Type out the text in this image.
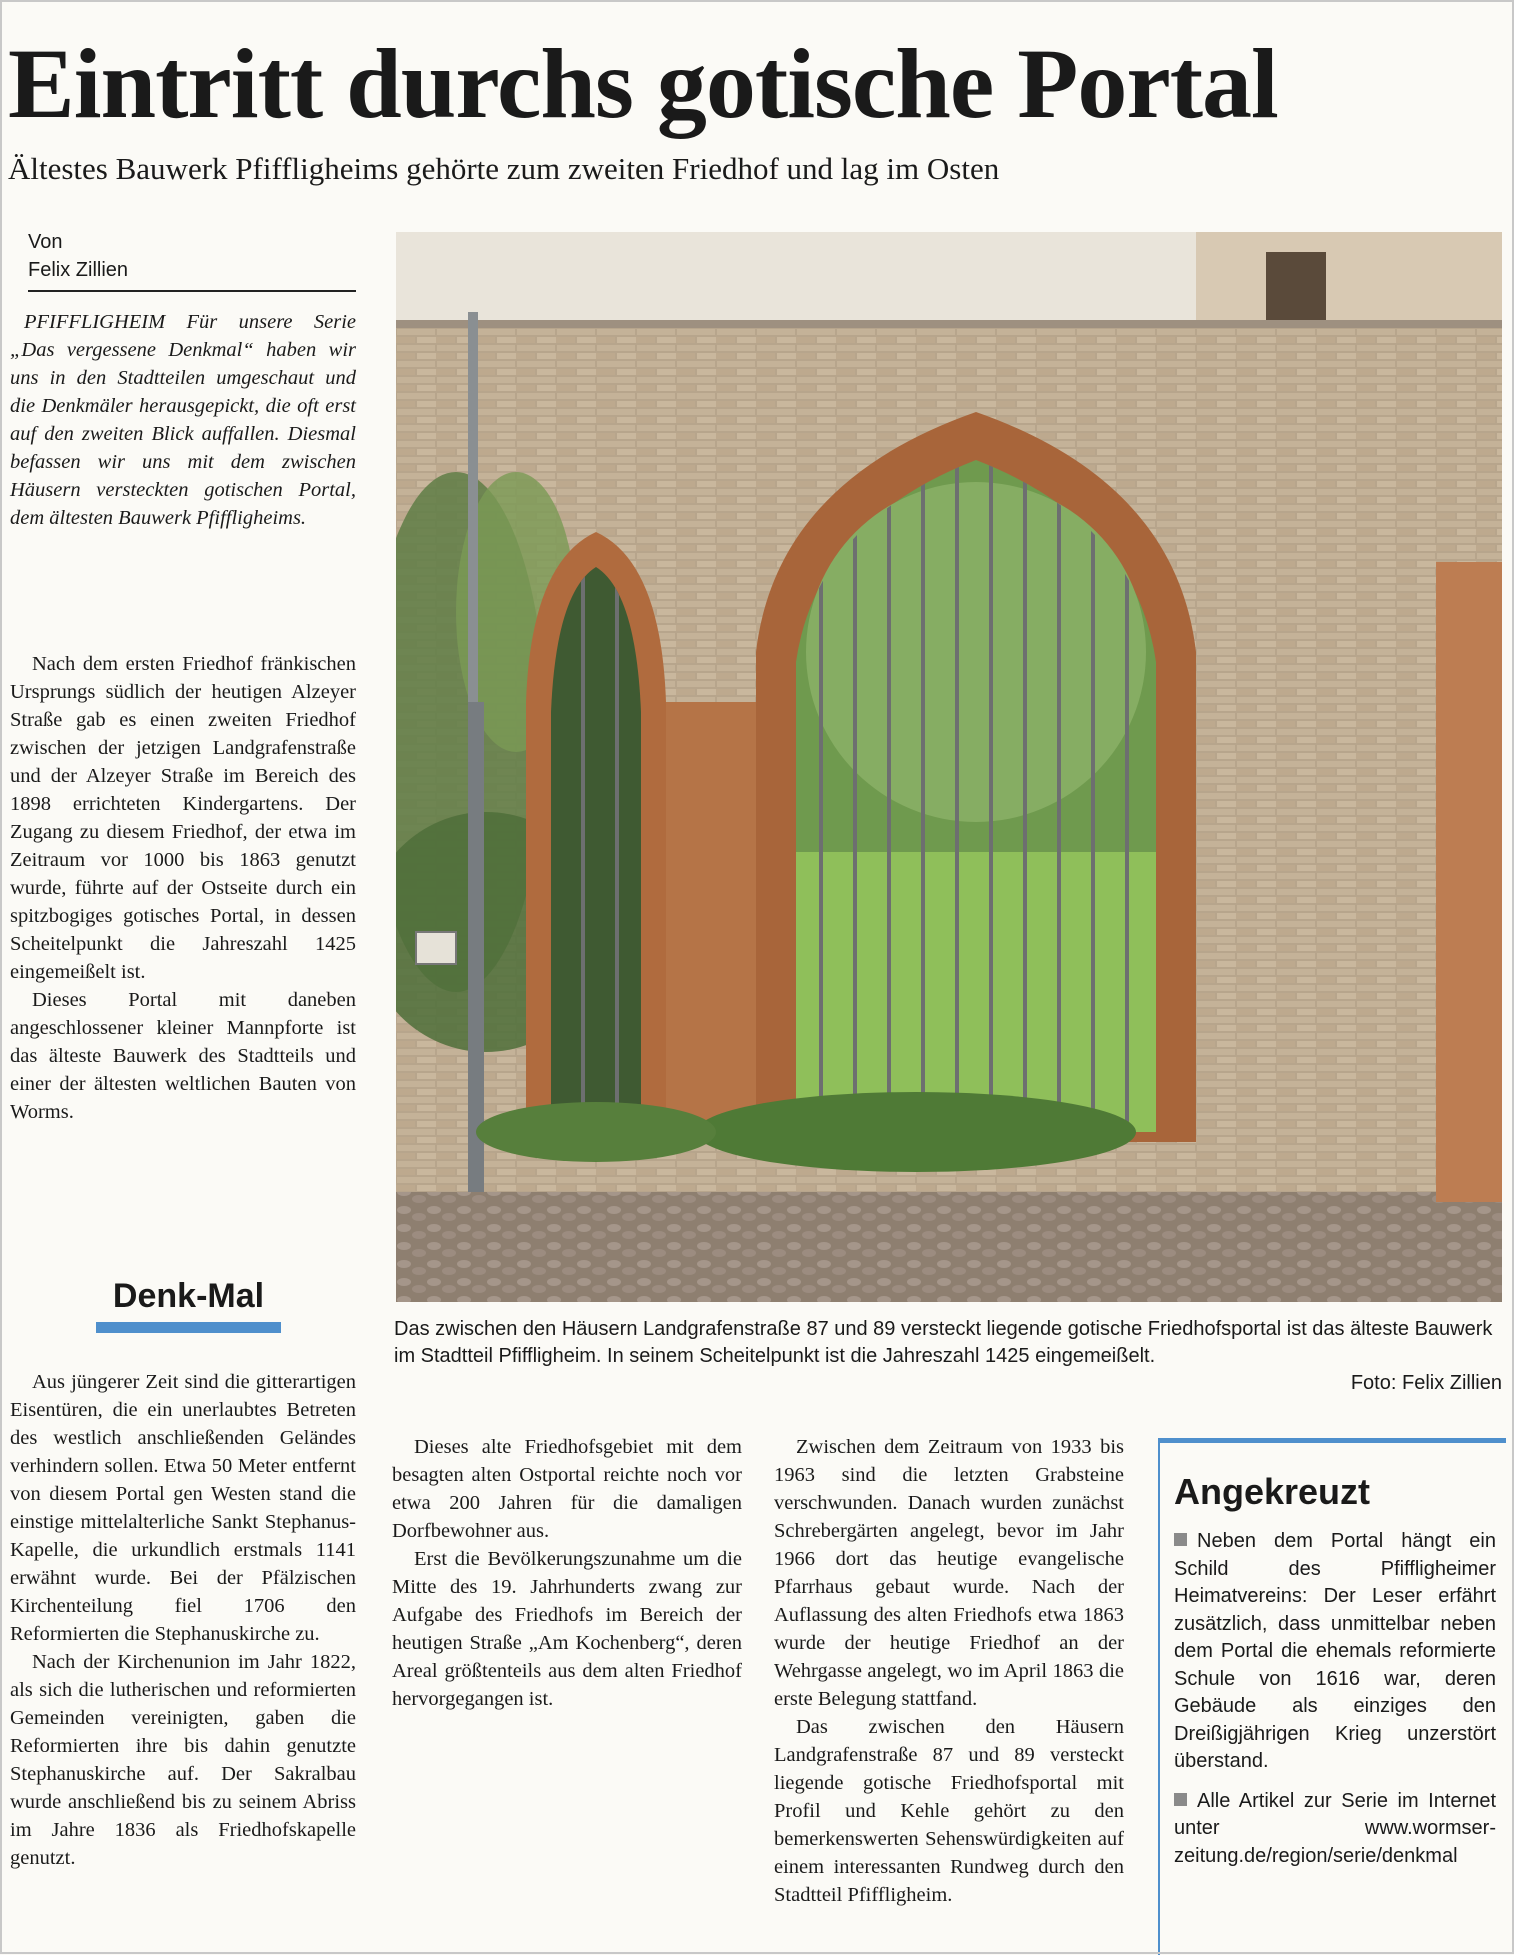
Eintritt durchs gotische Portal
Ältestes Bauwerk Pfiffligheims gehörte zum zweiten Friedhof und lag im Osten
Von
Felix Zillien

PFIFFLIGHEIM Für unsere Serie „Das vergessene Denkmal“ haben wir uns in den Stadtteilen umgeschaut und die Denkmäler herausgepickt, die oft erst auf den zweiten Blick auffallen. Diesmal befassen wir uns mit dem zwischen Häusern versteckten gotischen Portal, dem ältesten Bauwerk Pfiffligheims.

Nach dem ersten Friedhof fränkischen Ursprungs südlich der heutigen Alzeyer Straße gab es einen zweiten Friedhof zwischen der jetzigen Landgrafenstraße und der Alzeyer Straße im Bereich des 1898 errichteten Kindergartens. Der Zugang zu diesem Friedhof, der etwa im Zeitraum vor 1000 bis 1863 genutzt wurde, führte auf der Ostseite durch ein spitzbogiges gotisches Portal, in dessen Scheitelpunkt die Jahreszahl 1425 eingemeißelt ist.

Dieses Portal mit daneben angeschlossener kleiner Mannpforte ist das älteste Bauwerk des Stadtteils und einer der ältesten weltlichen Bauten von Worms.

Denk-Mal

Aus jüngerer Zeit sind die gitterartigen Eisentüren, die ein unerlaubtes Betreten des westlich anschließenden Geländes verhindern sollen. Etwa 50 Meter entfernt von diesem Portal gen Westen stand die einstige mittelalterliche Sankt Stephanus-Kapelle, die urkundlich erstmals 1141 erwähnt wurde. Bei der Pfälzischen Kirchenteilung fiel 1706 den Reformierten die Stephanuskirche zu.

Nach der Kirchenunion im Jahr 1822, als sich die lutherischen und reformierten Gemeinden vereinigten, gaben die Reformierten ihre bis dahin genutzte Stephanuskirche auf. Der Sakralbau wurde anschließend bis zu seinem Abriss im Jahre 1836 als Friedhofskapelle genutzt.

Dieses alte Friedhofsgebiet mit dem besagten alten Ostportal reichte noch vor etwa 200 Jahren für die damaligen Dorfbewohner aus.

Erst die Bevölkerungszunahme um die Mitte des 19. Jahrhunderts zwang zur Aufgabe des Friedhofs im Bereich der heutigen Straße „Am Kochenberg“, deren Areal größtenteils aus dem alten Friedhof hervorgegangen ist.

Zwischen dem Zeitraum von 1933 bis 1963 sind die letzten Grabsteine verschwunden. Danach wurden zunächst Schrebergärten angelegt, bevor im Jahr 1966 dort das heutige evangelische Pfarrhaus gebaut wurde. Nach der Auflassung des alten Friedhofs etwa 1863 wurde der heutige Friedhof an der Wehrgasse angelegt, wo im April 1863 die erste Belegung stattfand.

Das zwischen den Häusern Landgrafenstraße 87 und 89 versteckt liegende gotische Friedhofsportal mit Profil und Kehle gehört zu den bemerkenswerten Sehenswürdigkeiten auf einem interessanten Rundweg durch den Stadtteil Pfiffligheim.

Das zwischen den Häusern Landgrafenstraße 87 und 89 versteckt liegende gotische Friedhofsportal ist das älteste Bauwerk im Stadtteil Pfiffligheim. In seinem Scheitelpunkt ist die Jahreszahl 1425 eingemeißelt.
Foto: Felix Zillien
Angekreuzt

Neben dem Portal hängt ein Schild des Pfiffligheimer Heimatvereins: Der Leser erfährt zusätzlich, dass unmittelbar neben dem Portal die ehemals reformierte Schule von 1616 war, deren Gebäude als einziges den Dreißigjährigen Krieg unzerstört überstand.

Alle Artikel zur Serie im Internet unter www.wormser-zeitung.de/region/serie/denkmal
